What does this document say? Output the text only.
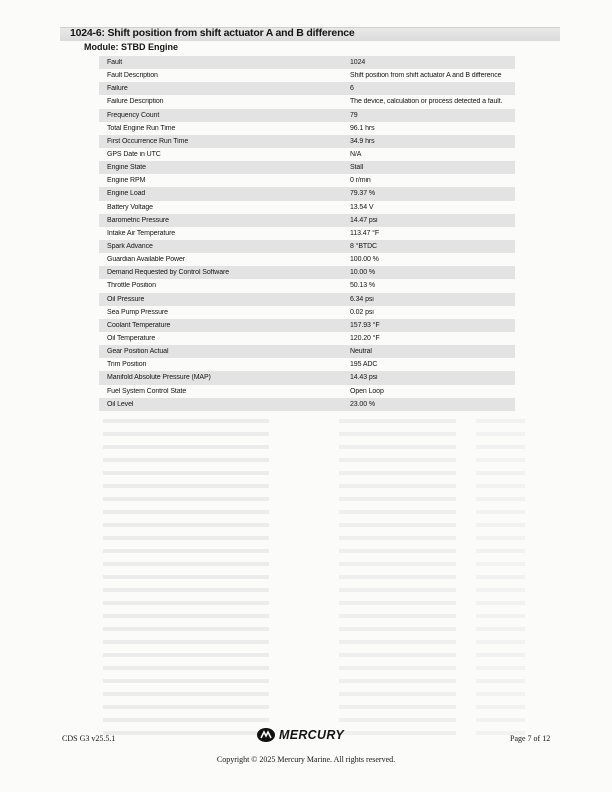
1024-6: Shift position from shift actuator A and B difference
Module: STBD Engine
Fault	1024
Fault Description	Shift position from shift actuator A and B difference
Failure	6
Failure Description	The device, calculation or process detected a fault.
Frequency Count	79
Total Engine Run Time	96.1 hrs
First Occurrence Run Time	34.9 hrs
GPS Date in UTC	N/A
Engine State	Stall
Engine RPM	0 r/min
Engine Load	79.37 %
Battery Voltage	13.54 V
Barometric Pressure	14.47 psi
Intake Air Temperature	113.47 °F
Spark Advance	8 °BTDC
Guardian Available Power	100.00 %
Demand Requested by Control Software	10.00 %
Throttle Position	50.13 %
Oil Pressure	6.34 psi
Sea Pump Pressure	0.02 psi
Coolant Temperature	157.93 °F
Oil Temperature	120.20 °F
Gear Position Actual	Neutral
Trim Position	195 ADC
Manifold Absolute Pressure (MAP)	14.43 psi
Fuel System Control State	Open Loop
Oil Level	23.00 %
CDS G3 v25.5.1	MERCURY	Page 7 of 12
Copyright © 2025 Mercury Marine. All rights reserved.
